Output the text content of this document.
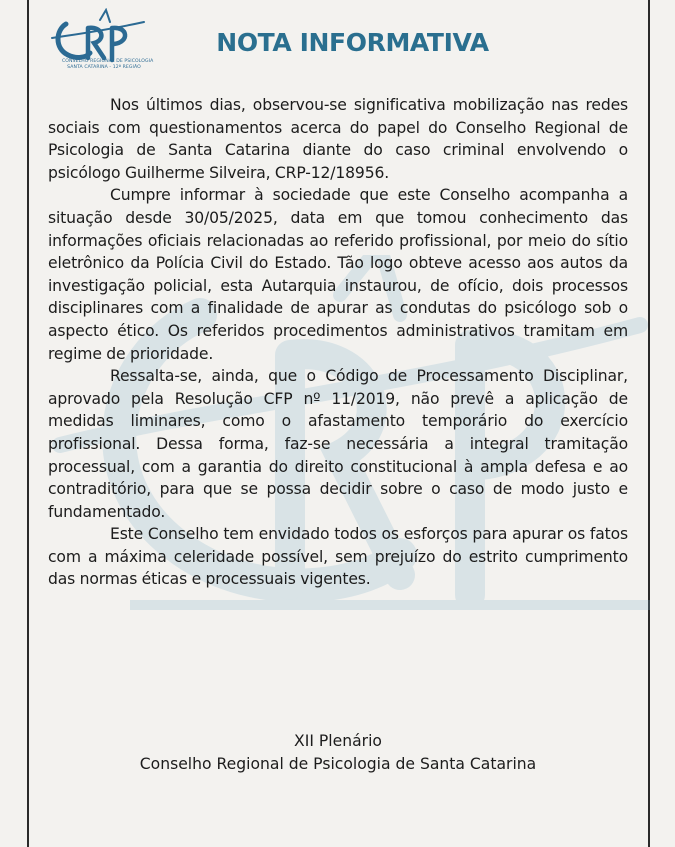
CRP
CONSELHO REGIONAL DE PSICOLOGIA
SANTA CATARINA - 12ª REGIÃO
NOTA INFORMATIVA

Nos últimos dias, observou-se significativa mobilização nas redes sociais com questionamentos acerca do papel do Conselho Regional de Psicologia de Santa Catarina diante do caso criminal envolvendo o psicólogo Guilherme Silveira, CRP-12/18956.

Cumpre informar à sociedade que este Conselho acompanha a situação desde 30/05/2025, data em que tomou conhecimento das informações oficiais relacionadas ao referido profissional, por meio do sítio eletrônico da Polícia Civil do Estado. Tão logo obteve acesso aos autos da investigação policial, esta Autarquia instaurou, de ofício, dois processos disciplinares com a finalidade de apurar as condutas do psicólogo sob o aspecto ético. Os referidos procedimentos administrativos tramitam em regime de prioridade.

Ressalta-se, ainda, que o Código de Processamento Disciplinar, aprovado pela Resolução CFP nº 11/2019, não prevê a aplicação de medidas liminares, como o afastamento temporário do exercício profissional. Dessa forma, faz-se necessária a integral tramitação processual, com a garantia do direito constitucional à ampla defesa e ao contraditório, para que se possa decidir sobre o caso de modo justo e fundamentado.

Este Conselho tem envidado todos os esforços para apurar os fatos com a máxima celeridade possível, sem prejuízo do estrito cumprimento das normas éticas e processuais vigentes.

XII Plenário
Conselho Regional de Psicologia de Santa Catarina
